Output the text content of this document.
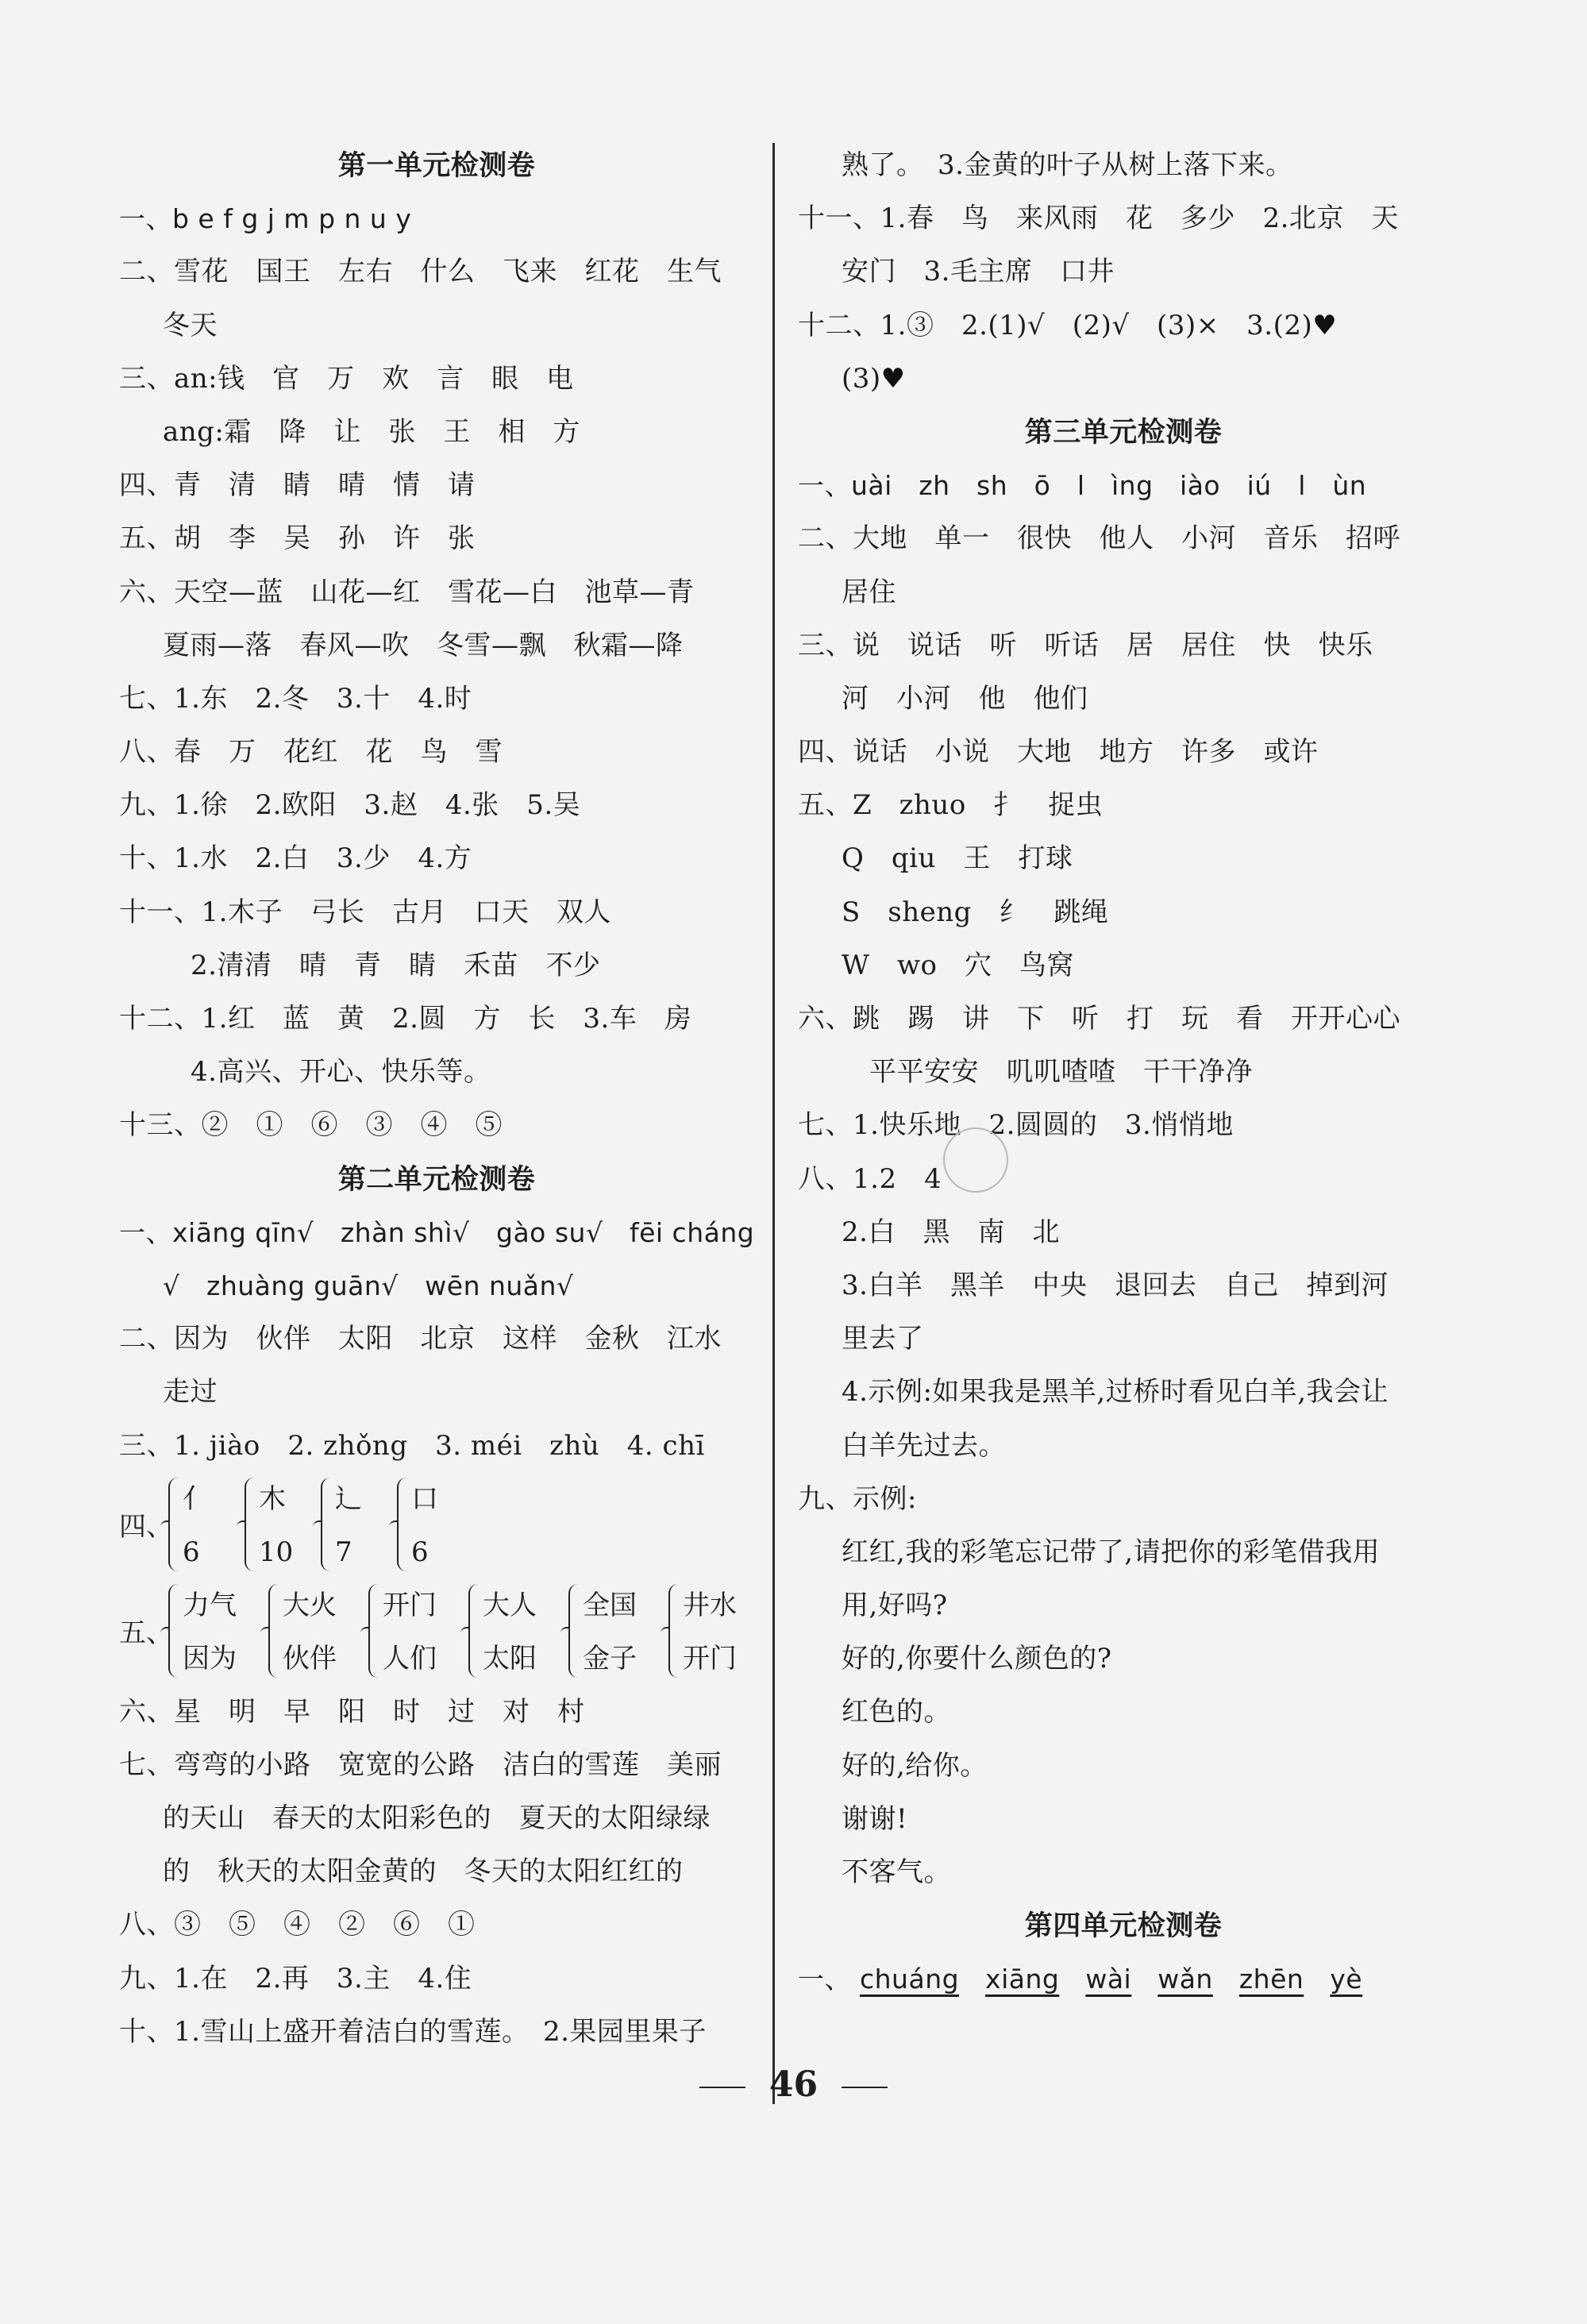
第一单元检测卷
一、b e f g j m p n u y
二、雪花　国王　左右　什么　飞来　红花　生气
冬天
三、an:钱　官　万　欢　言　眼　电
ang:霜　降　让　张　王　相　方
四、青　清　睛　晴　情　请
五、胡　李　吴　孙　许　张
六、天空—蓝　山花—红　雪花—白　池草—青
夏雨—落　春风—吹　冬雪—飘　秋霜—降
七、1.东　2.冬　3.十　4.时
八、春　万　花红　花　鸟　雪
九、1.徐　2.欧阳　3.赵　4.张　5.吴
十、1.水　2.白　3.少　4.方
十一、1.木子　弓长　古月　口天　双人
2.清清　晴　青　睛　禾苗　不少
十二、1.红　蓝　黄　2.圆　方　长　3.车　房
4.高兴、开心、快乐等。
十三、②　①　⑥　③　④　⑤
第二单元检测卷
一、xiāng qīn√　zhàn shì√　gào su√　fēi cháng
√　zhuàng guān√　wēn nuǎn√
二、因为　伙伴　太阳　北京　这样　金秋　江水
走过
三、1. jiào　2. zhǒng　3. méi　zhù　4. chī
四、
亻
6
木
10
辶
7
口
6
五、
力气
因为
大火
伙伴
开门
人们
大人
太阳
全国
金子
井水
开门
六、星　明　早　阳　时　过　对　村
七、弯弯的小路　宽宽的公路　洁白的雪莲　美丽
的天山　春天的太阳彩色的　夏天的太阳绿绿
的　秋天的太阳金黄的　冬天的太阳红红的
八、③　⑤　④　②　⑥　①
九、1.在　2.再　3.主　4.住
十、1.雪山上盛开着洁白的雪莲。　2.果园里果子
熟了。　3.金黄的叶子从树上落下来。
十一、1.春　鸟　来风雨　花　多少　2.北京　天
安门　3.毛主席　口井
十二、1.③　2.(1)√　(2)√　(3)×　3.(2)♥
(3)♥
第三单元检测卷
一、uài　zh　sh　ō　l　ìng　iào　iú　l　ùn
二、大地　单一　很快　他人　小河　音乐　招呼
居住
三、说　说话　听　听话　居　居住　快　快乐
河　小河　他　他们
四、说话　小说　大地　地方　许多　或许
五、Z　zhuo　扌　捉虫
Q　qiu　王　打球
S　sheng　纟　跳绳
W　wo　穴　鸟窝
六、跳　踢　讲　下　听　打　玩　看　开开心心
平平安安　叽叽喳喳　干干净净
七、1.快乐地　2.圆圆的　3.悄悄地
八、1.2　4
2.白　黑　南　北
3.白羊　黑羊　中央　退回去　自己　掉到河
里去了
4.示例:如果我是黑羊,过桥时看见白羊,我会让
白羊先过去。
九、示例:
红红,我的彩笔忘记带了,请把你的彩笔借我用
用,好吗?
好的,你要什么颜色的?
红色的。
好的,给你。
谢谢!
不客气。
第四单元检测卷
一、 chuáng xiāng wài wǎn zhēn yè
46
